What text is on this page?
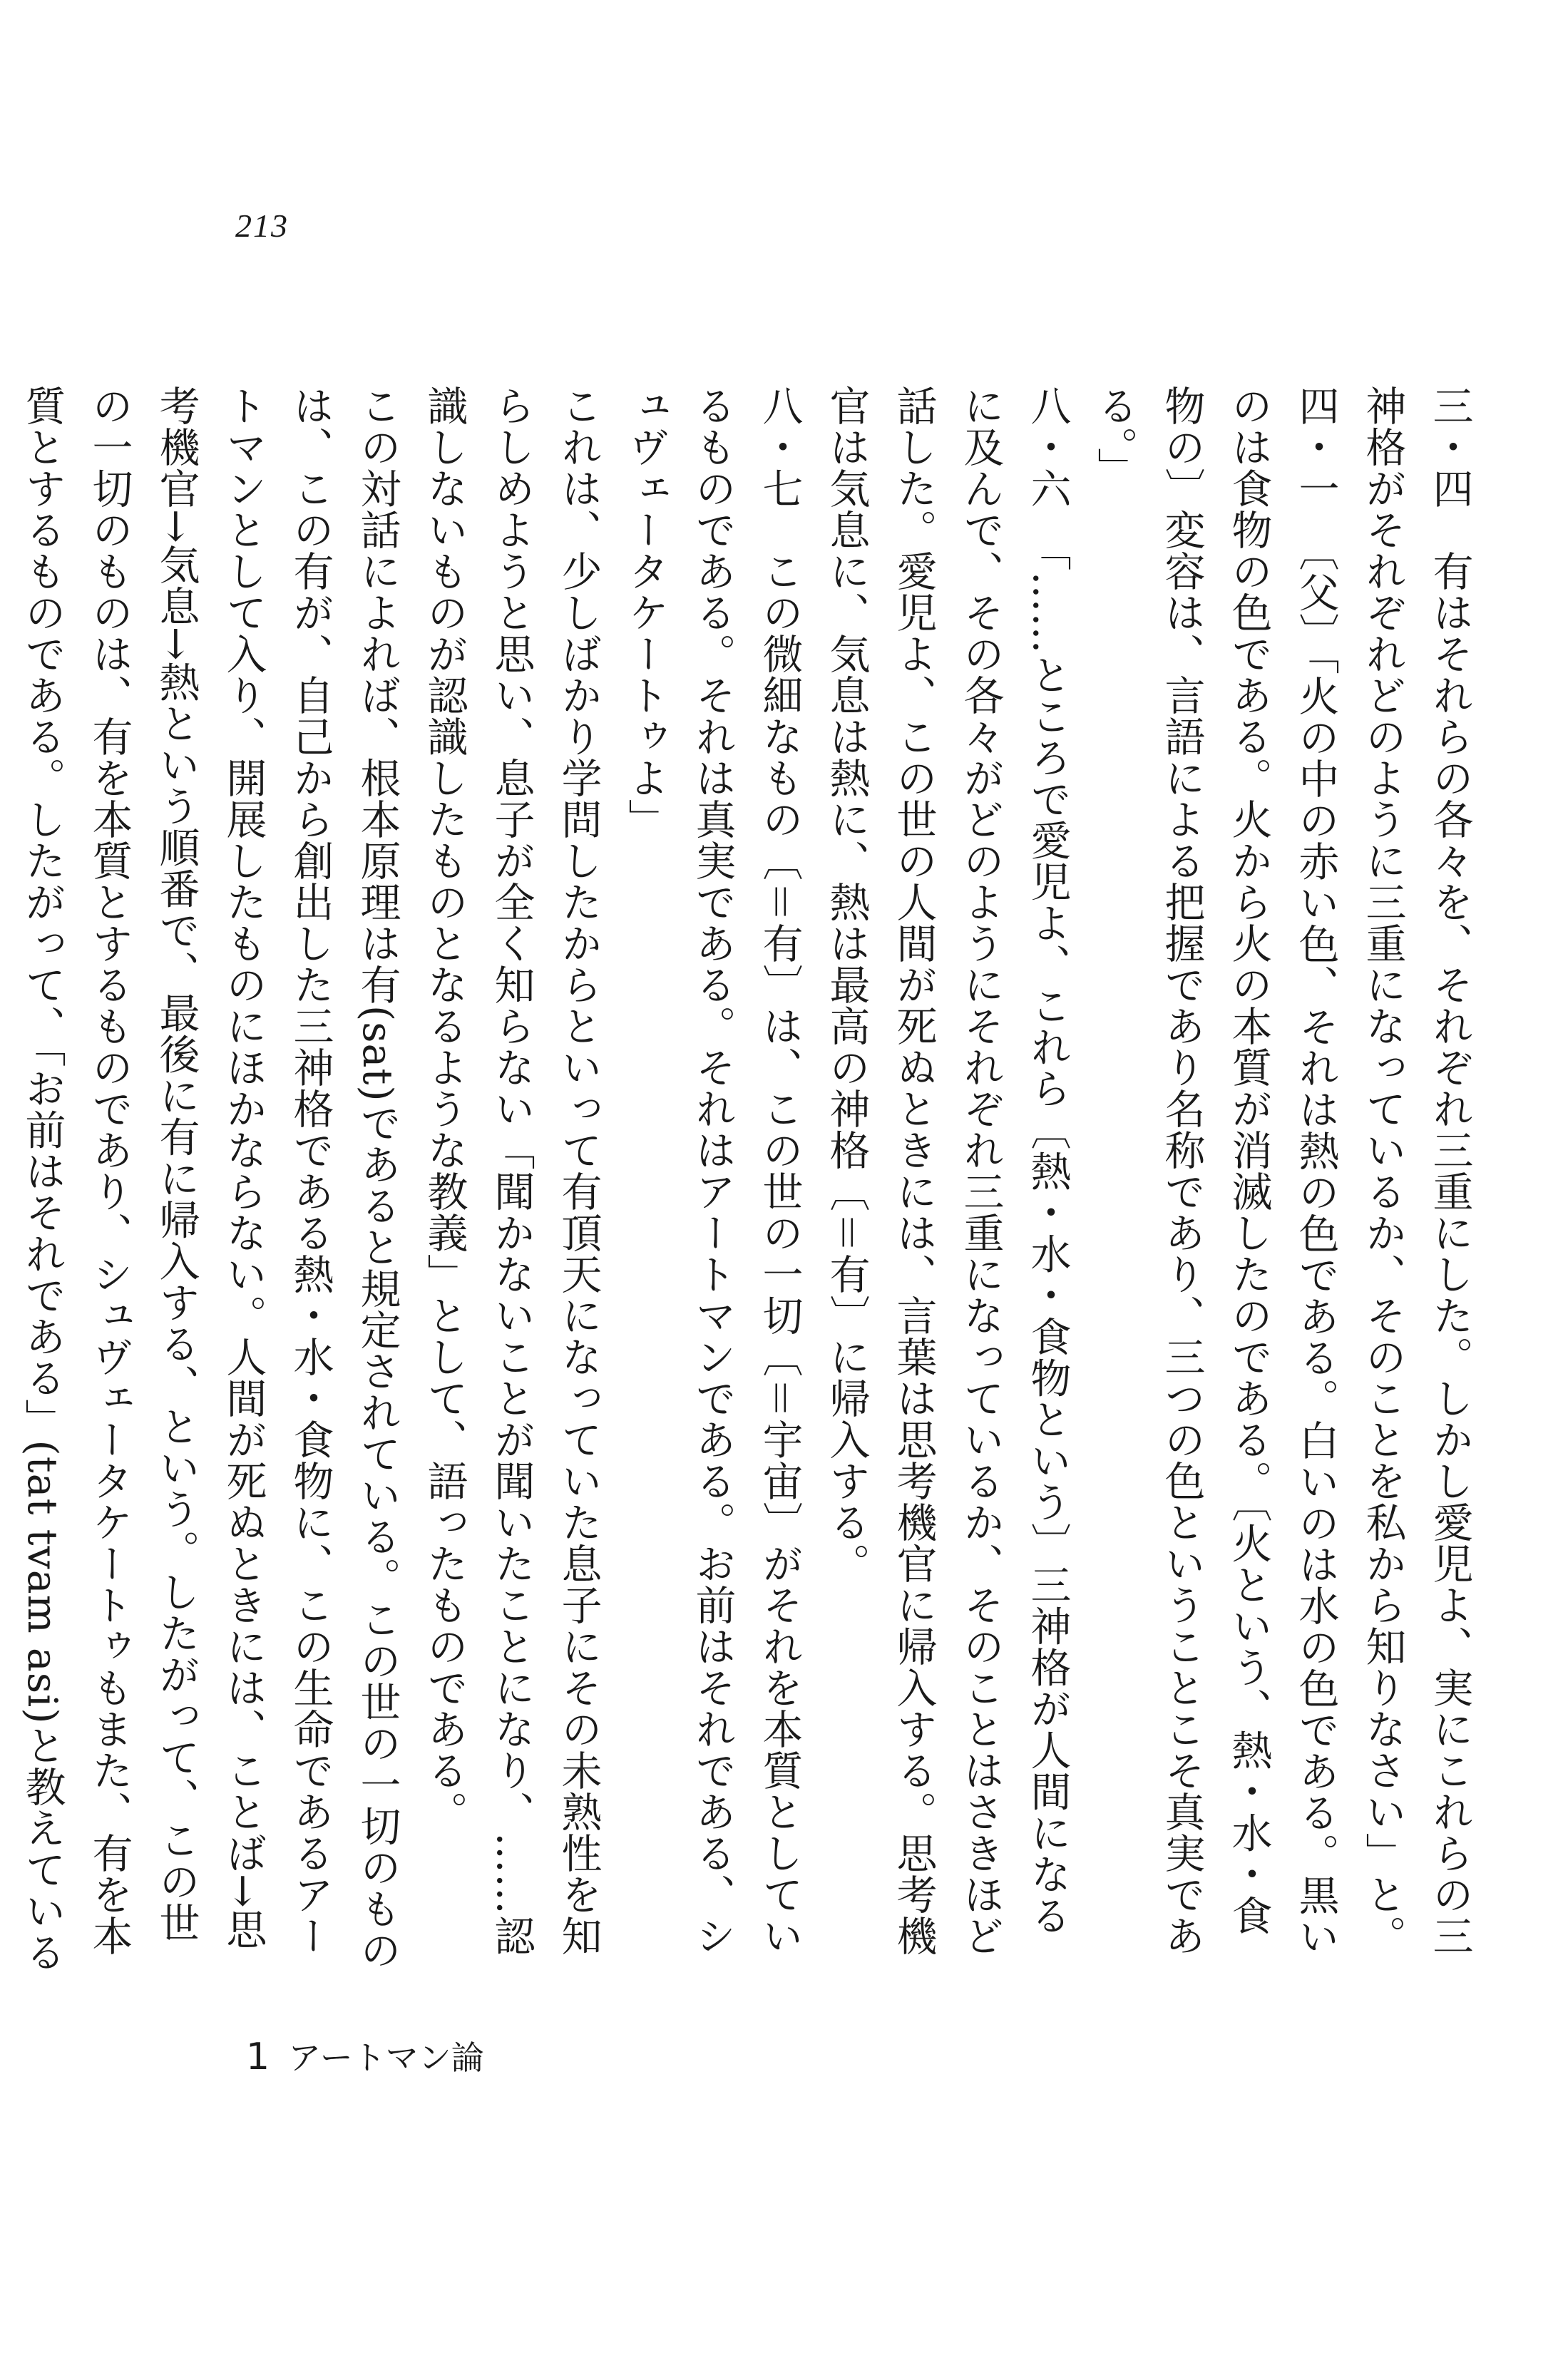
213

三・四　有はそれらの各々を、それぞれ三重にした。しかし愛児よ、実にこれらの三神格がそれぞれどのように三重になっているか、そのことを私から知りなさい」と。

四・一　〔父〕「火の中の赤い色、それは熱の色である。白いのは水の色である。黒いのは食物の色である。火から火の本質が消滅したのである。〔火という、熱・水・食物の〕変容は、言語による把握であり名称であり、三つの色ということこそ真実である。」

八・六　「……ところで愛児よ、これら〔熱・水・食物という〕三神格が人間になるに及んで、その各々がどのようにそれぞれ三重になっているか、そのことはさきほど話した。愛児よ、この世の人間が死ぬときには、言葉は思考機官に帰入する。思考機官は気息に、気息は熱に、熱は最高の神格〔＝有〕に帰入する。

八・七　この微細なもの〔＝有〕は、この世の一切〔＝宇宙〕がそれを本質としているものである。それは真実である。それはアートマンである。お前はそれである、シュヴェータケートゥよ」

これは、少しばかり学問したからといって有頂天になっていた息子にその未熟性を知らしめようと思い、息子が全く知らない「聞かないことが聞いたことになり、……認識しないものが認識したものとなるような教義」として、語ったものである。

この対話によれば、根本原理は有(sat)であると規定されている。この世の一切のものは、この有が、自己から創出した三神格である熱・水・食物に、この生命であるアートマンとして入り、開展したものにほかならない。人間が死ぬときには、ことば→思考機官→気息→熱という順番で、最後に有に帰入する、という。したがって、この世の一切のものは、有を本質とするものであり、シュヴェータケートゥもまた、有を本質とするものである。したがって、「お前はそれである」(tat tvam asi)と教えている

1 アートマン論
